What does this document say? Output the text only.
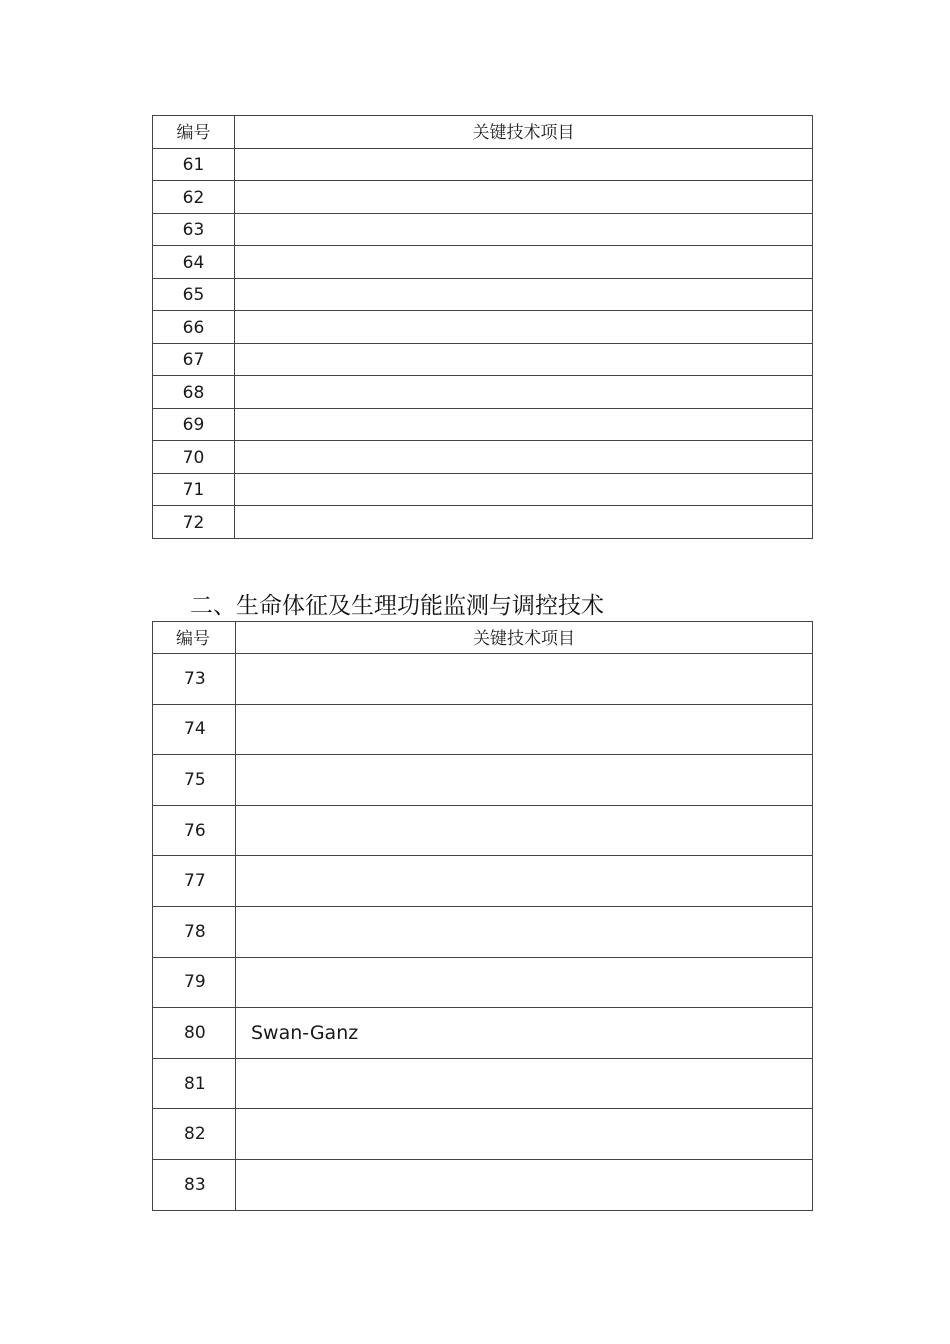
编号	关键技术项目
61	
62	
63	
64	
65	
66	
67	
68	
69	
70	
71	
72	
二、生命体征及生理功能监测与调控技术
编号	关键技术项目
73	
74	
75	
76	
77	
78	
79	
80	Swan-Ganz
81	
82	
83	
